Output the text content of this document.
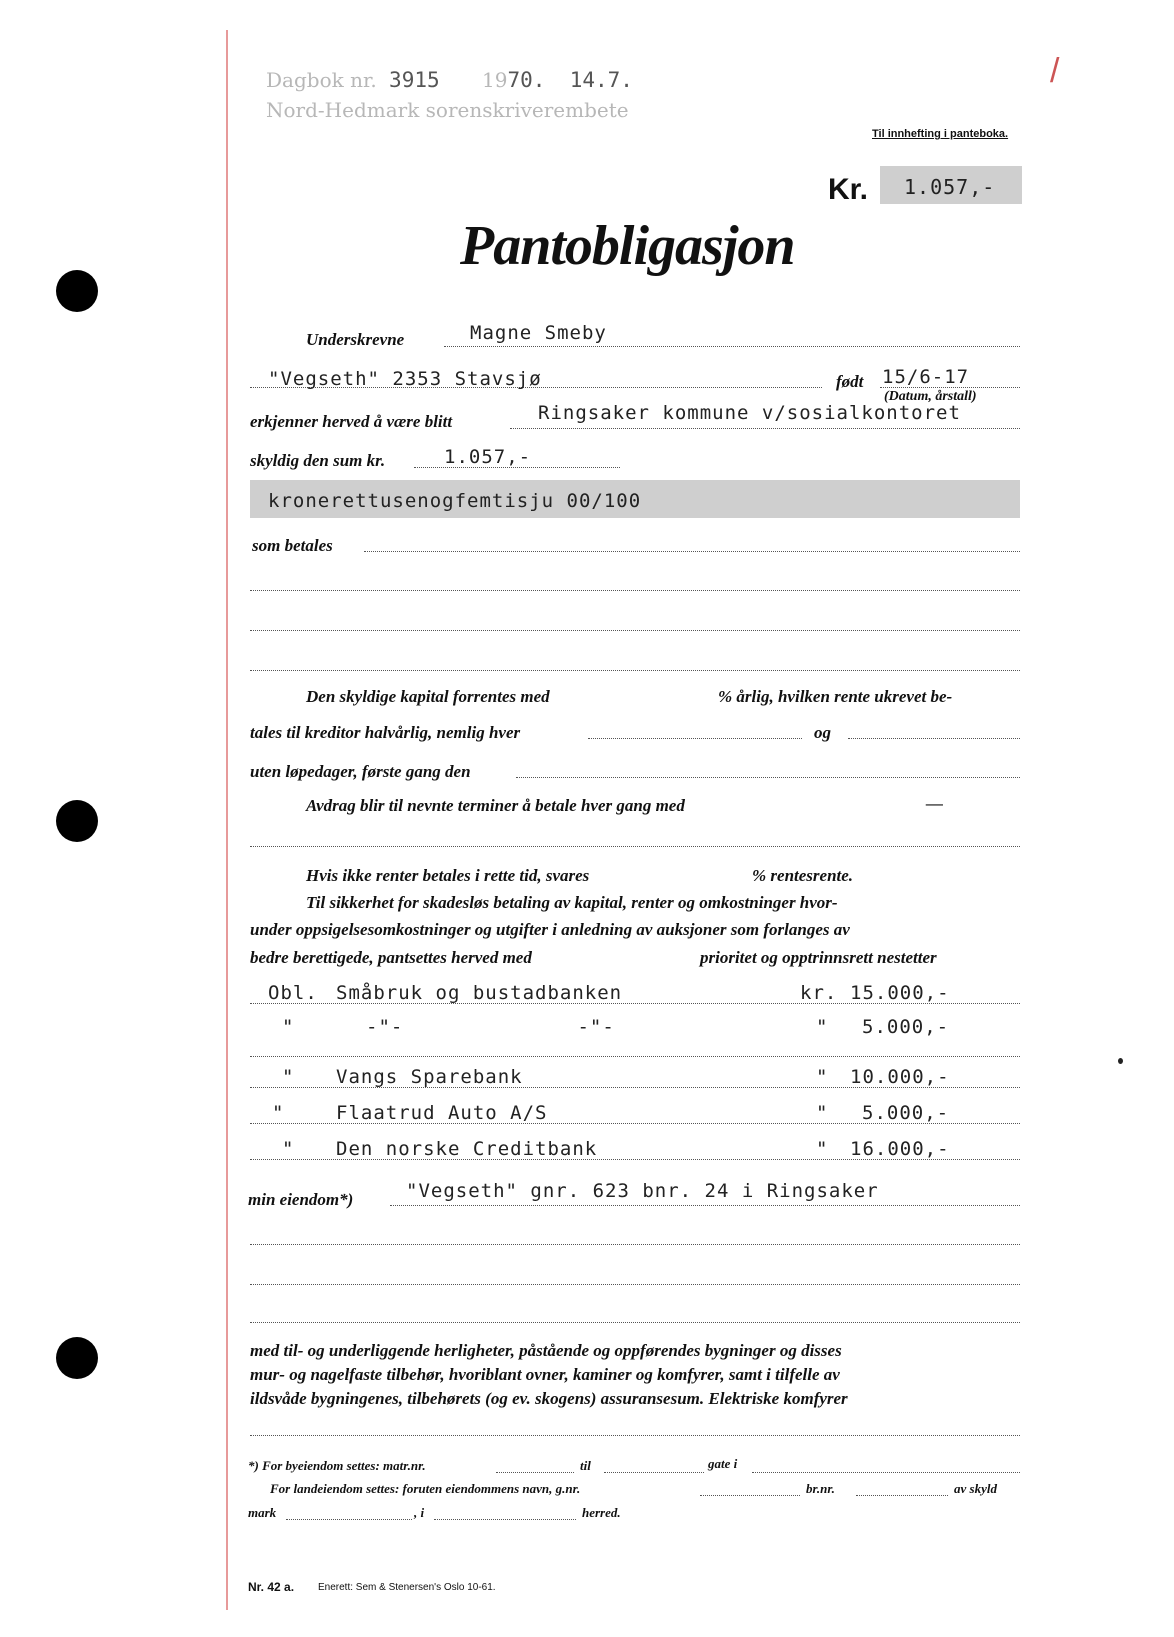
Dagbok nr. 3915 1970. 14.7.
Nord-Hedmark sorenskriverembete
/
Til innhefting i panteboka.
Kr. 1.057,-
Pantobligasjon
Underskrevne	Magne Smeby
"Vegseth" 2353 Stavsjø	født 15/6-17
(Datum, årstall)
erkjenner herved å være blitt	Ringsaker kommune v/sosialkontoret
skyldig den sum kr.	1.057,-
kronerettusenogfemtisju 00/100
som betales
Den skyldige kapital forrentes med	% årlig, hvilken rente ukrevet be-
tales til kreditor halvårlig, nemlig hver	og
uten løpedager, første gang den
Avdrag blir til nevnte terminer å betale hver gang med	—
Hvis ikke renter betales i rette tid, svares	% rentesrente.
Til sikkerhet for skadesløs betaling av kapital, renter og omkostninger hvor-
under oppsigelsesomkostninger og utgifter i anledning av auksjoner som forlanges av
bedre berettigede, pantsettes herved med	prioritet og opptrinnsrett nestetter
Obl. Småbruk og bustadbanken	kr. 15.000,-
"	-"-              -"-	" 5.000,-
" Vangs Sparebank	" 10.000,-
"	Flaatrud Auto A/S	" 5.000,-
" Den norske Creditbank	" 16.000,-
min eiendom*)	"Vegseth" gnr. 623 bnr. 24 i Ringsaker
med til- og underliggende herligheter, påstående og oppførendes bygninger og disses
mur- og nagelfaste tilbehør, hvoriblant ovner, kaminer og komfyrer, samt i tilfelle av
ildsvåde bygningenes, tilbehørets (og ev. skogens) assuransesum. Elektriske komfyrer
*) For byeiendom settes: matr.nr.	til	gate i
For landeiendom settes: foruten eiendommens navn, g.nr.	br.nr.	av skyld
mark	, i	herred.
Nr. 42 a. Enerett: Sem & Stenersen's Oslo 10-61.
